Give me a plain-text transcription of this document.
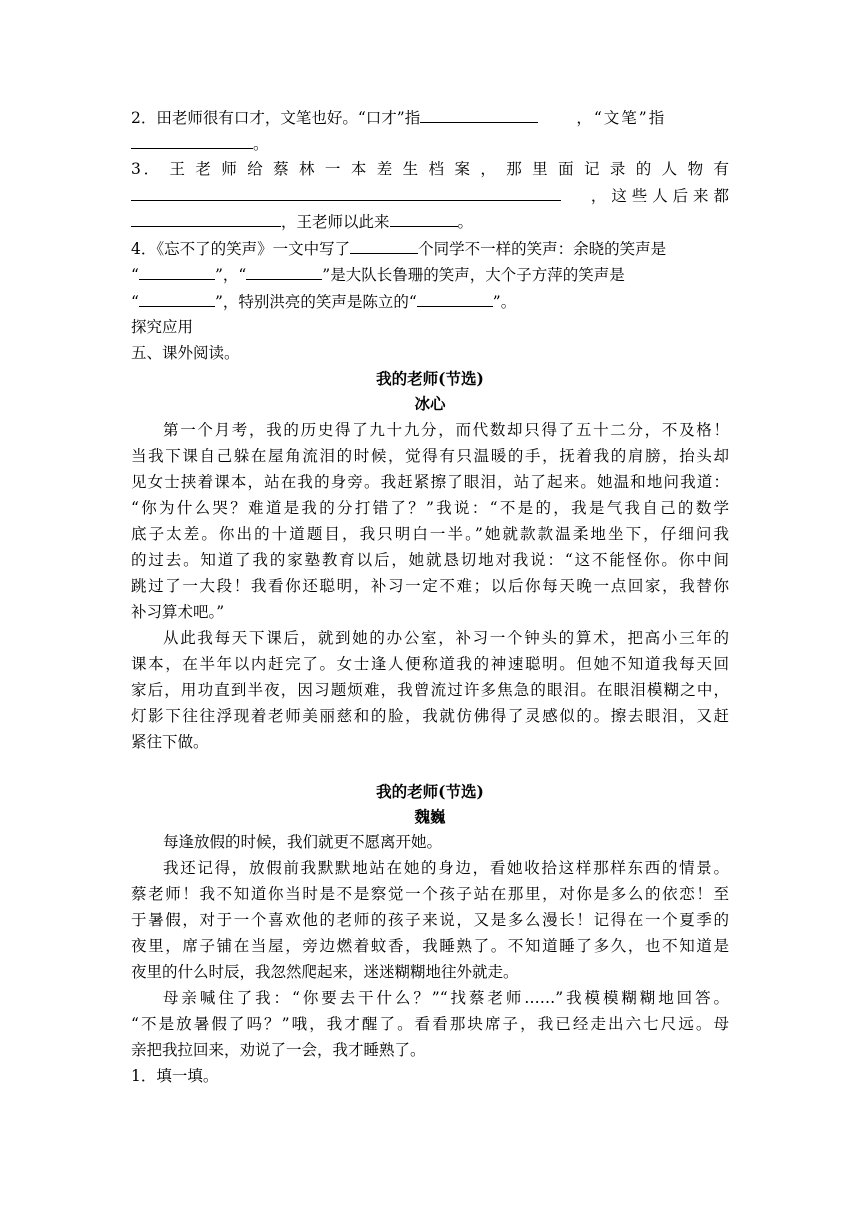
2．田老师很有口才，文笔也好。“口才”指	，“文笔”指
。
3． 王 老 师 给 蔡 林 一 本 差 生 档 案 ， 那 里 面 记 录 的 人 物 有
， 这 些 人 后 来 都
，王老师以此来	。
4．《忘不了的笑声》一文中写了	个同学不一样的笑声：余晓的笑声是
“	”，“	”是大队长鲁珊的笑声，大个子方萍的笑声是
“	”，特别洪亮的笑声是陈立的“	”。
探究应用
五、课外阅读。
我的老师(节选)
冰心
第一个月考，我的历史得了九十九分，而代数却只得了五十二分，不及格！
当我下课自己躲在屋角流泪的时候，觉得有只温暖的手，抚着我的肩膀，抬头却
见女士挟着课本，站在我的身旁。我赶紧擦了眼泪，站了起来。她温和地问我道：
“你为什么哭？难道是我的分打错了？”我说：“不是的，我是气我自己的数学
底子太差。你出的十道题目，我只明白一半。”她就款款温柔地坐下，仔细问我
的过去。知道了我的家塾教育以后，她就恳切地对我说：“这不能怪你。你中间
跳过了一大段！我看你还聪明，补习一定不难；以后你每天晚一点回家，我替你
补习算术吧。”
从此我每天下课后，就到她的办公室，补习一个钟头的算术，把高小三年的
课本，在半年以内赶完了。女士逢人便称道我的神速聪明。但她不知道我每天回
家后，用功直到半夜，因习题烦难，我曾流过许多焦急的眼泪。在眼泪模糊之中，
灯影下往往浮现着老师美丽慈和的脸，我就仿佛得了灵感似的。擦去眼泪，又赶
紧往下做。
我的老师(节选)
魏巍
每逢放假的时候，我们就更不愿离开她。
我还记得，放假前我默默地站在她的身边，看她收拾这样那样东西的情景。
蔡老师！我不知道你当时是不是察觉一个孩子站在那里，对你是多么的依恋！至
于暑假，对于一个喜欢他的老师的孩子来说，又是多么漫长！记得在一个夏季的
夜里，席子铺在当屋，旁边燃着蚊香，我睡熟了。不知道睡了多久，也不知道是
夜里的什么时辰，我忽然爬起来，迷迷糊糊地往外就走。
母亲喊住了我：“你要去干什么？”“找蔡老师……”我模模糊糊地回答。
“不是放暑假了吗？”哦，我才醒了。看看那块席子，我已经走出六七尺远。母
亲把我拉回来，劝说了一会，我才睡熟了。
1．填一填。
